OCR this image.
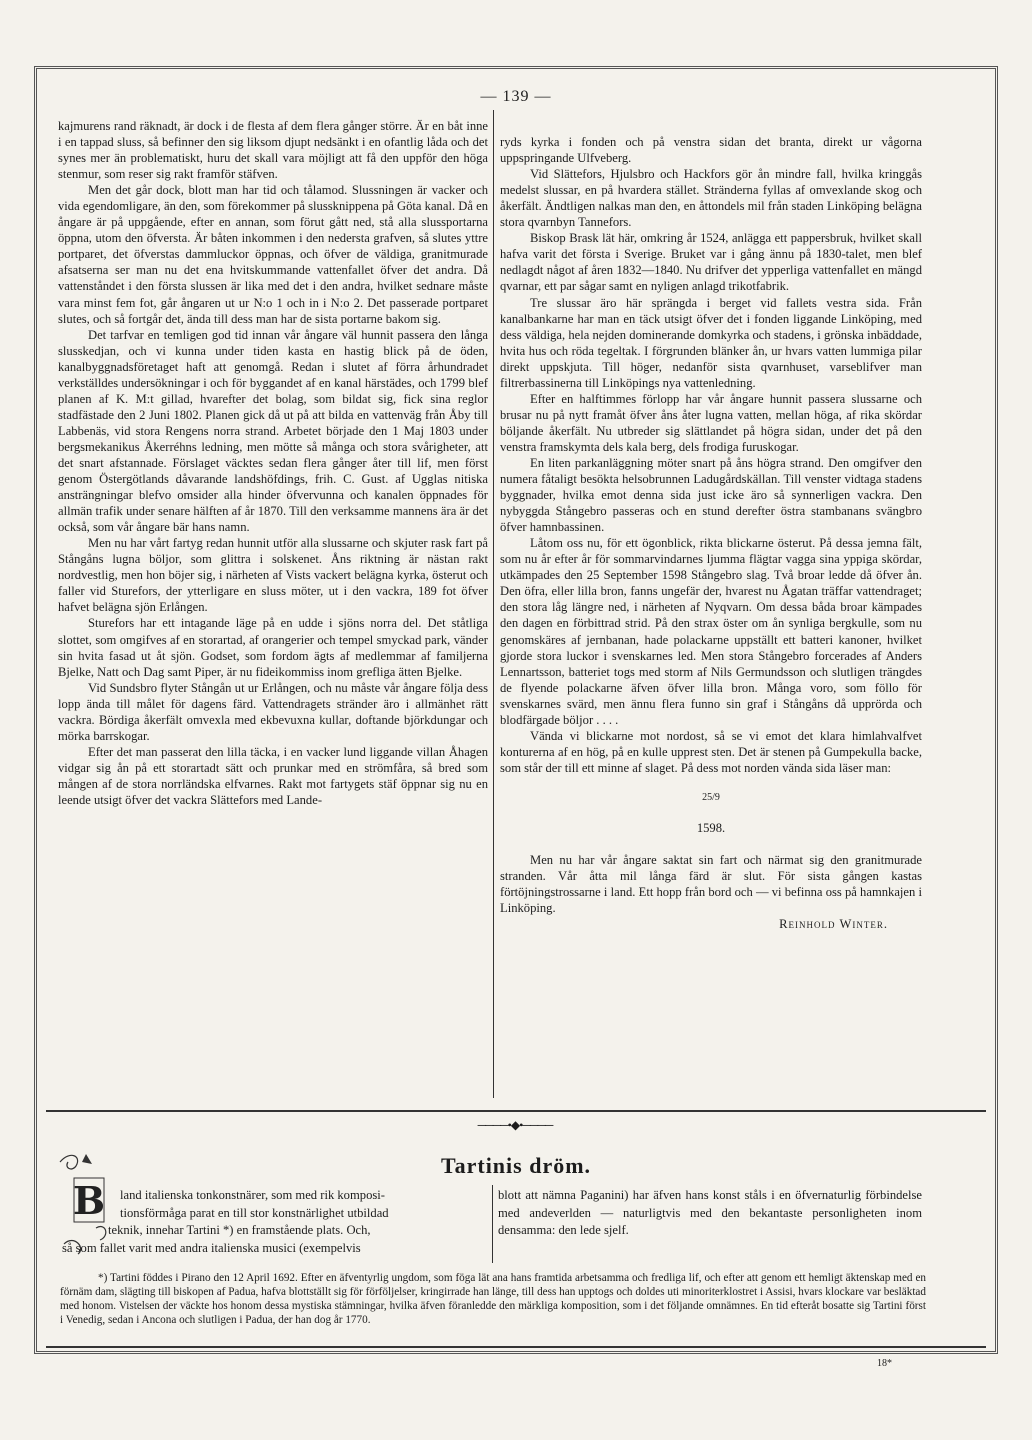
— 139 —

kajmurens rand räknadt, är dock i de flesta af dem flera gånger större. Är en båt inne i en tappad sluss, så befinner den sig liksom djupt nedsänkt i en ofantlig låda och det synes mer än problematiskt, huru det skall vara möjligt att få den uppför den höga stenmur, som reser sig rakt framför stäfven.

Men det går dock, blott man har tid och tålamod. Slussningen är vacker och vida egendomligare, än den, som förekommer på slussknippena på Göta kanal. Då en ångare är på uppgående, efter en annan, som förut gått ned, stå alla slussportarna öppna, utom den öfversta. Är båten inkommen i den nedersta grafven, så slutes yttre portparet, det öfverstas dammluckor öppnas, och öfver de väldiga, granitmurade afsatserna ser man nu det ena hvitskummande vattenfallet öfver det andra. Då vattenståndet i den första slussen är lika med det i den andra, hvilket sednare måste vara minst fem fot, går ångaren ut ur N:o 1 och in i N:o 2. Det passerade portparet slutes, och så fortgår det, ända till dess man har de sista portarne bakom sig.

Det tarfvar en temligen god tid innan vår ångare väl hunnit passera den långa slusskedjan, och vi kunna under tiden kasta en hastig blick på de öden, kanalbyggnadsföretaget haft att genomgå. Redan i slutet af förra århundradet verkställdes undersökningar i och för byggandet af en kanal härstädes, och 1799 blef planen af K. M:t gillad, hvarefter det bolag, som bildat sig, fick sina reglor stadfästade den 2 Juni 1802. Planen gick då ut på att bilda en vattenväg från Åby till Labbenäs, vid stora Rengens norra strand. Arbetet började den 1 Maj 1803 under bergsmekanikus Åkerréhns ledning, men mötte så många och stora svårigheter, att det snart afstannade. Förslaget väcktes sedan flera gånger åter till lif, men först genom Östergötlands dåvarande landshöfdings, frih. C. Gust. af Ugglas nitiska ansträngningar blefvo omsider alla hinder öfvervunna och kanalen öppnades för allmän trafik under senare hälften af år 1870. Till den verksamme mannens ära är det också, som vår ångare bär hans namn.

Men nu har vårt fartyg redan hunnit utför alla slussarne och skjuter rask fart på Stångåns lugna böljor, som glittra i solskenet. Åns riktning är nästan rakt nordvestlig, men hon böjer sig, i närheten af Vists vackert belägna kyrka, österut och faller vid Sturefors, der ytterligare en sluss möter, ut i den vackra, 189 fot öfver hafvet belägna sjön Erlången.

Sturefors har ett intagande läge på en udde i sjöns norra del. Det ståtliga slottet, som omgifves af en storartad, af orangerier och tempel smyckad park, vänder sin hvita fasad ut åt sjön. Godset, som fordom ägts af medlemmar af familjerna Bjelke, Natt och Dag samt Piper, är nu fideikommiss inom grefliga ätten Bjelke.

Vid Sundsbro flyter Stångån ut ur Erlången, och nu måste vår ångare följa dess lopp ända till målet för dagens färd. Vattendragets stränder äro i allmänhet rätt vackra. Bördiga åkerfält omvexla med ekbevuxna kullar, doftande björkdungar och mörka barrskogar.

Efter det man passerat den lilla täcka, i en vacker lund liggande villan Åhagen vidgar sig ån på ett storartadt sätt och prunkar med en strömfåra, så bred som mången af de stora norrländska elfvarnes. Rakt mot fartygets stäf öppnar sig nu en leende utsigt öfver det vackra Slättefors med Lande-

ryds kyrka i fonden och på venstra sidan det branta, direkt ur vågorna uppspringande Ulfveberg.

Vid Slättefors, Hjulsbro och Hackfors gör ån mindre fall, hvilka kringgås medelst slussar, en på hvardera stället. Stränderna fyllas af omvexlande skog och åkerfält. Ändtligen nalkas man den, en åttondels mil från staden Linköping belägna stora qvarnbyn Tannefors.

Biskop Brask lät här, omkring år 1524, anlägga ett pappersbruk, hvilket skall hafva varit det första i Sverige. Bruket var i gång ännu på 1830-talet, men blef nedlagdt något af åren 1832—1840. Nu drifver det ypperliga vattenfallet en mängd qvarnar, ett par sågar samt en nyligen anlagd trikotfabrik.

Tre slussar äro här sprängda i berget vid fallets vestra sida. Från kanalbankarne har man en täck utsigt öfver det i fonden liggande Linköping, med dess väldiga, hela nejden dominerande domkyrka och stadens, i grönska inbäddade, hvita hus och röda tegeltak. I förgrunden blänker ån, ur hvars vatten lummiga pilar direkt uppskjuta. Till höger, nedanför sista qvarnhuset, varseblifver man filtrerbassinerna till Linköpings nya vattenledning.

Efter en halftimmes förlopp har vår ångare hunnit passera slussarne och brusar nu på nytt framåt öfver åns åter lugna vatten, mellan höga, af rika skördar böljande åkerfält. Nu utbreder sig slättlandet på högra sidan, under det på den venstra framskymta dels kala berg, dels frodiga furuskogar.

En liten parkanläggning möter snart på åns högra strand. Den omgifver den numera fåtaligt besökta helsobrunnen Ladugårdskällan. Till venster vidtaga stadens byggnader, hvilka emot denna sida just icke äro så synnerligen vackra. Den nybyggda Stångebro passeras och en stund derefter östra stambanans svängbro öfver hamnbassinen.

Låtom oss nu, för ett ögonblick, rikta blickarne österut. På dessa jemna fält, som nu år efter år för sommarvindarnes ljumma flägtar vagga sina yppiga skördar, utkämpades den 25 September 1598 Stångebro slag. Två broar ledde då öfver ån. Den öfra, eller lilla bron, fanns ungefär der, hvarest nu Ågatan träffar vattendraget; den stora låg längre ned, i närheten af Nyqvarn. Om dessa båda broar kämpades den dagen en förbittrad strid. På den strax öster om ån synliga bergkulle, som nu genomskäres af jernbanan, hade polackarne uppställt ett batteri kanoner, hvilket gjorde stora luckor i svenskarnes led. Men stora Stångebro forcerades af Anders Lennartsson, batteriet togs med storm af Nils Germundsson och slutligen trängdes de flyende polackarne äfven öfver lilla bron. Många voro, som föllo för svenskarnes svärd, men ännu flera funno sin graf i Stångåns då upprörda och blodfärgade böljor . . . .

Vända vi blickarne mot nordost, så se vi emot det klara himlahvalfvet konturerna af en hög, på en kulle upprest sten. Det är stenen på Gumpekulla backe, som står der till ett minne af slaget. På dess mot norden vända sida läser man:

25/9

1598.

Men nu har vår ångare saktat sin fart och närmat sig den granitmurade stranden. Vår åtta mil långa färd är slut. För sista gången kastas förtöjningstrossarne i land. Ett hopp från bord och — vi befinna oss på hamnkajen i Linköping.

Reinhold Winter.

────•◆•────
B
Tartinis dröm.
land italienska tonkonstnärer, som med rik komposi-
tionsförmåga parat en till stor konstnärlighet utbildad
teknik, innehar Tartini *) en framstående plats. Och,
så som fallet varit med andra italienska musici (exempelvis
blott att nämna Paganini) har äfven hans konst ståls i en öfvernaturlig förbindelse med andeverlden — naturligtvis med den bekantaste personligheten inom densamma: den lede sjelf.
*) Tartini föddes i Pirano den 12 April 1692. Efter en äfventyrlig ungdom, som föga lät ana hans framtida arbetsamma och fredliga lif, och efter att genom ett hemligt äktenskap med en förnäm dam, slägting till biskopen af Padua, hafva blottställt sig för förföljelser, kringirrade han länge, till dess han upptogs och doldes uti minoriterklostret i Assisi, hvars klockare var besläktad med honom. Vistelsen der väckte hos honom dessa mystiska stämningar, hvilka äfven föranledde den märkliga komposition, som i det följande omnämnes. En tid efteråt bosatte sig Tartini först i Venedig, sedan i Ancona och slutligen i Padua, der han dog år 1770.
18*
